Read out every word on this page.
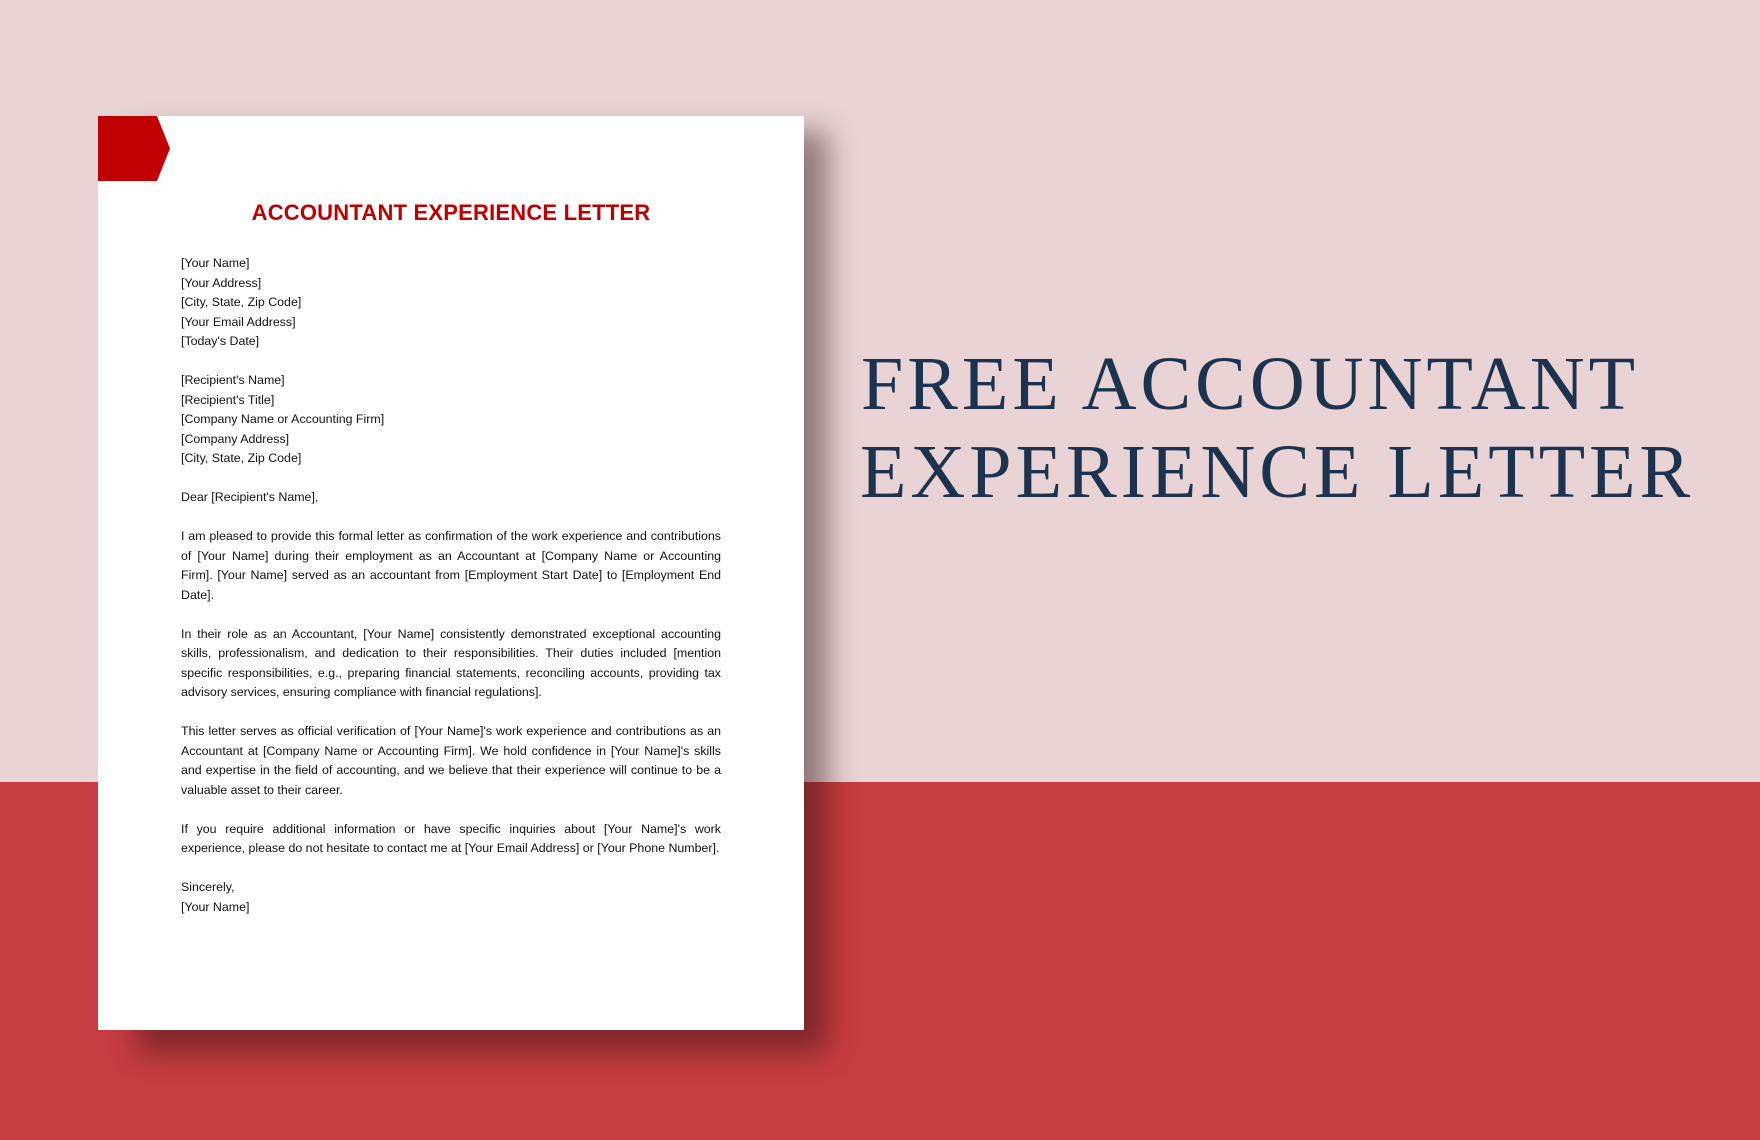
ACCOUNTANT EXPERIENCE LETTER
[Your Name]
[Your Address]
[City, State, Zip Code]
[Your Email Address]
[Today's Date]
[Recipient's Name]
[Recipient's Title]
[Company Name or Accounting Firm]
[Company Address]
[City, State, Zip Code]
Dear [Recipient's Name],

I am pleased to provide this formal letter as confirmation of the work experience and contributions of [Your Name] during their employment as an Accountant at [Company Name or Accounting Firm]. [Your Name] served as an accountant from [Employment Start Date] to [Employment End Date].

In their role as an Accountant, [Your Name] consistently demonstrated exceptional accounting skills, professionalism, and dedication to their responsibilities. Their duties included [mention specific responsibilities, e.g., preparing financial statements, reconciling accounts, providing tax advisory services, ensuring compliance with financial regulations].

This letter serves as official verification of [Your Name]'s work experience and contributions as an Accountant at [Company Name or Accounting Firm]. We hold confidence in [Your Name]'s skills and expertise in the field of accounting, and we believe that their experience will continue to be a valuable asset to their career.

If you require additional information or have specific inquiries about [Your Name]'s work experience, please do not hesitate to contact me at [Your Email Address] or [Your Phone Number].

Sincerely,
[Your Name]
FREE ACCOUNTANT
EXPERIENCE LETTER
